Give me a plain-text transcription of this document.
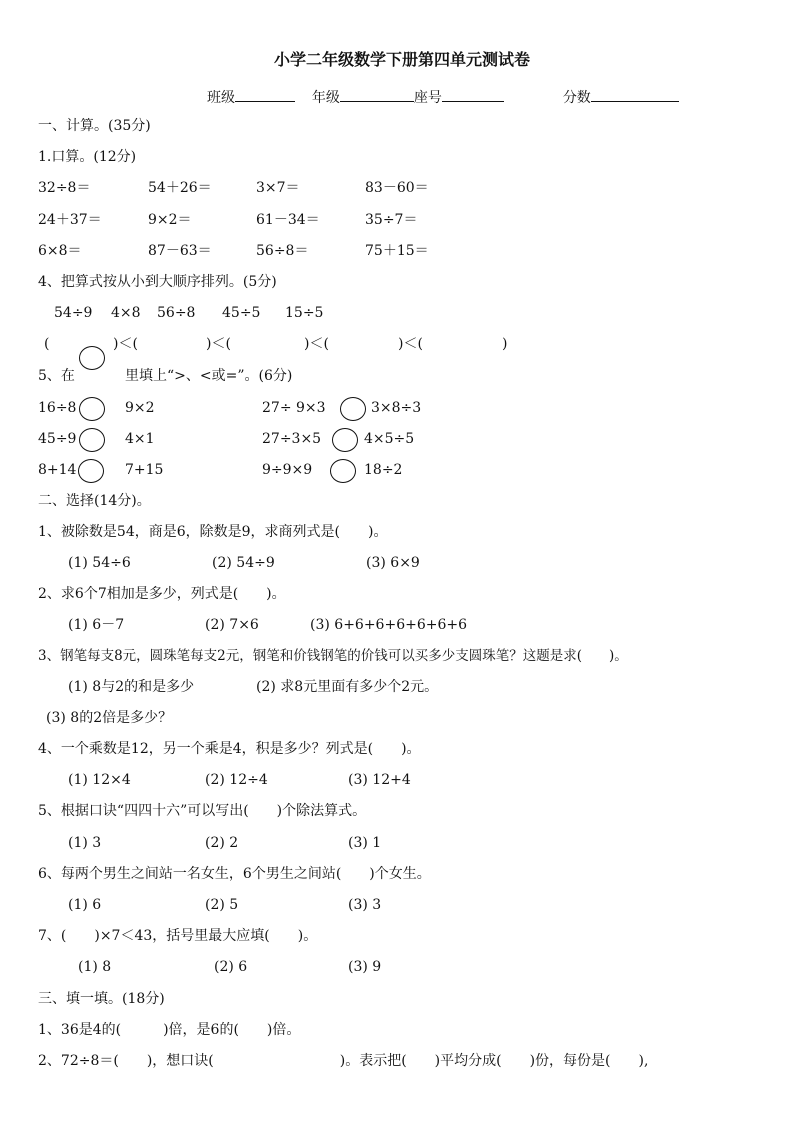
小学二年级数学下册第四单元测试卷
班级	年级	座号	分数
一、计算。(35分)
1.口算。(12分)
32÷8＝	54＋26＝	3×7＝	83－60＝
24＋37＝	9×2＝	61－34＝	35÷7＝
6×8＝	87－63＝	56÷8＝	75＋15＝
4、把算式按从小到大顺序排列。(5分)
54÷9 4×8 56÷8 45÷5 15÷5
(	)＜(	)＜(	)＜(	)＜(	)
5、在	里填上“>、<或=”。(6分)
16÷8	9×2	27÷ 9×3	3×8÷3
45÷9	4×1	27÷3×5	4×5÷5
8+14	7+15	9÷9×9	18÷2
二、选择(14分)。
1、被除数是54，商是6，除数是9，求商列式是(　　)。
(1) 54÷6	(2) 54÷9	(3) 6×9
2、求6个7相加是多少，列式是(　　)。
(1) 6－7	(2) 7×6	(3) 6+6+6+6+6+6+6
3、钢笔每支8元，圆珠笔每支2元，钢笔和价钱钢笔的价钱可以买多少支圆珠笔？这题是求(　　)。
(1) 8与2的和是多少	(2) 求8元里面有多少个2元。
(3) 8的2倍是多少？
4、一个乘数是12，另一个乘是4，积是多少？列式是(　　)。
(1) 12×4	(2) 12÷4	(3) 12+4
5、根据口诀“四四十六”可以写出(　　)个除法算式。
(1) 3	(2) 2	(3) 1
6、每两个男生之间站一名女生，6个男生之间站(　　)个女生。
(1) 6	(2) 5	(3) 3
7、(　　)×7＜43，括号里最大应填(　　)。
(1) 8	(2) 6	(3) 9
三、填一填。(18分)
1、36是4的(　　　)倍，是6的(　　)倍。
2、72÷8＝(　　)，想口诀(　　　　　　　　　)。表示把(　　)平均分成(　　)份，每份是(　　),
